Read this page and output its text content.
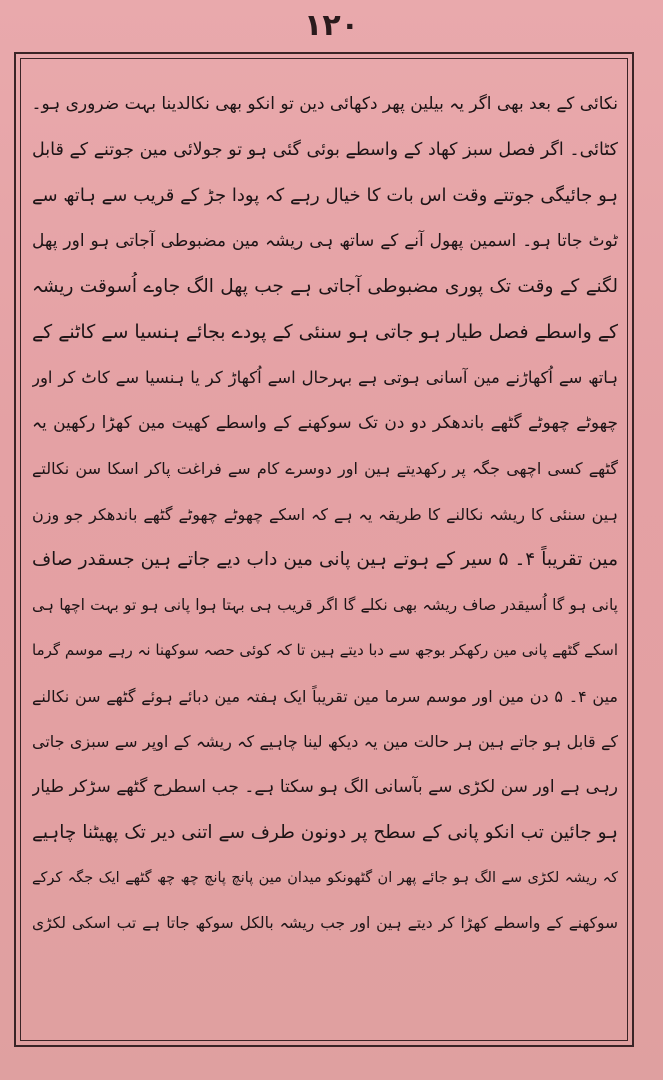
۱۲۰
نکائی کے بعد بھی اگر یہ بیلین پھر دکھائی دین تو انکو بھی نکالدینا بہت ضروری ہو۔
کٹائی۔ اگر فصل سبز کھاد کے واسطے بوئی گئی ہو تو جولائی مین جوتنے کے قابل
ہو جائیگی جوتتے وقت اس بات کا خیال رہے کہ پودا جڑ کے قریب سے ہاتھ سے
ٹوٹ جاتا ہو۔ اسمین پھول آنے کے ساتھ ہی ریشہ مین مضبوطی آجاتی ہو اور پھل
لگنے کے وقت تک پوری مضبوطی آجاتی ہے جب پھل الگ جاوے اُسوقت ریشہ
کے واسطے فصل طیار ہو جاتی ہو سنئی کے پودے بجائے ہنسیا سے کاٹنے کے
ہاتھ سے اُکھاڑنے مین آسانی ہوتی ہے بہرحال اسے اُکھاڑ کر یا ہنسیا سے کاٹ کر اور
چھوٹے چھوٹے گٹھے باندھکر دو دن تک سوکھنے کے واسطے کھیت مین کھڑا رکھین یہ
گٹھے کسی اچھی جگہ پر رکھدیتے ہین اور دوسرے کام سے فراغت پاکر اسکا سن نکالتے
ہین سنئی کا ریشہ نکالنے کا طریقہ یہ ہے کہ اسکے چھوٹے چھوٹے گٹھے باندھکر جو وزن
مین تقریباً ۴۔ ۵ سیر کے ہوتے ہین پانی مین داب دیے جاتے ہین جسقدر صاف
پانی ہو گا اُسیقدر صاف ریشہ بھی نکلے گا اگر قریب ہی بہتا ہوا پانی ہو تو بہت اچھا ہی
اسکے گٹھے پانی مین رکھکر بوجھ سے دبا دیتے ہین تا کہ کوئی حصہ سوکھنا نہ رہے موسم گرما
مین ۴۔ ۵ دن مین اور موسم سرما مین تقریباً ایک ہفتہ مین دبائے ہوئے گٹھے سن نکالنے
کے قابل ہو جاتے ہین ہر حالت مین یہ دیکھ لینا چاہیے کہ ریشہ کے اوپر سے سبزی جاتی
رہی ہے اور سن لکڑی سے بآسانی الگ ہو سکتا ہے۔ جب اسطرح گٹھے سڑکر طیار
ہو جائین تب انکو پانی کے سطح پر دونون طرف سے اتنی دیر تک پھیٹنا چاہیے
کہ ریشہ لکڑی سے الگ ہو جائے پھر ان گٹھونکو میدان مین پانچ پانچ چھ چھ گٹھے ایک جگہ کرکے
سوکھنے کے واسطے کھڑا کر دیتے ہین اور جب ریشہ بالکل سوکھ جاتا ہے تب اسکی لکڑی
